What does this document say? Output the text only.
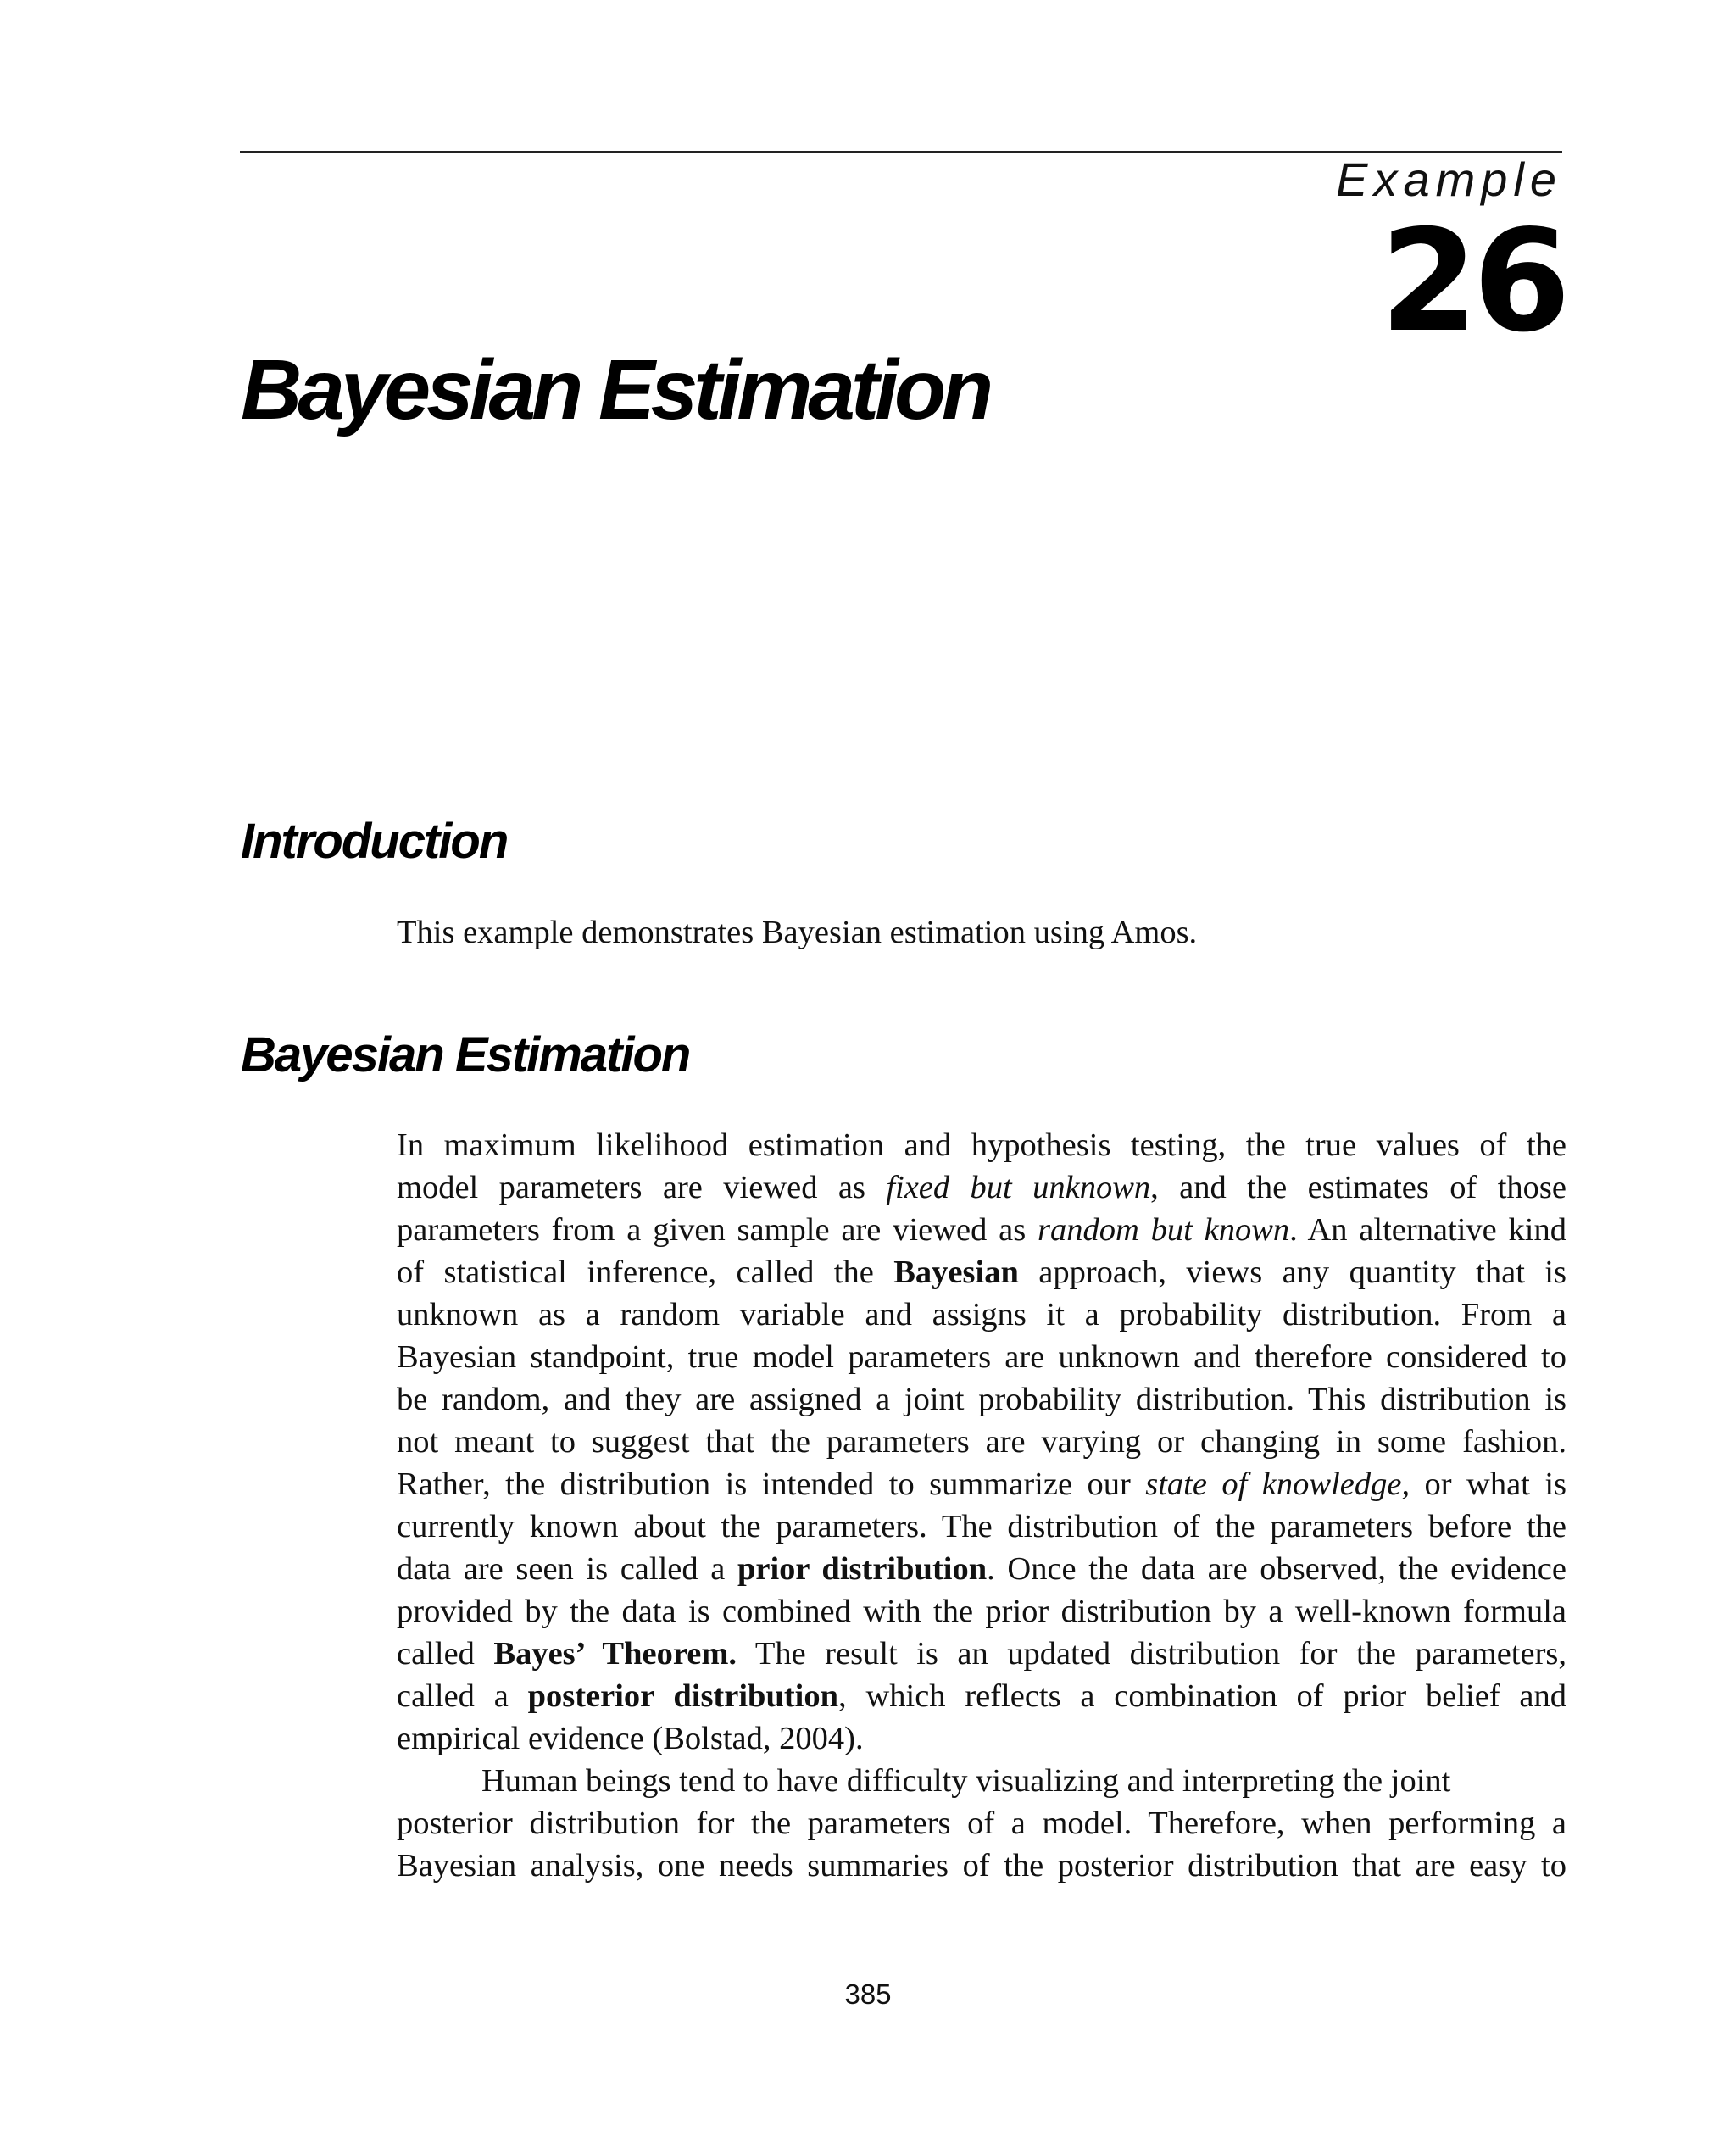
Example
26
Bayesian Estimation
Introduction

This example demonstrates Bayesian estimation using Amos.

Bayesian Estimation

In maximum likelihood estimation and hypothesis testing, the true values of the
model parameters are viewed as fixed but unknown, and the estimates of those
parameters from a given sample are viewed as random but known. An alternative kind
of statistical inference, called the Bayesian approach, views any quantity that is
unknown as a random variable and assigns it a probability distribution. From a
Bayesian standpoint, true model parameters are unknown and therefore considered to
be random, and they are assigned a joint probability distribution. This distribution is
not meant to suggest that the parameters are varying or changing in some fashion.
Rather, the distribution is intended to summarize our state of knowledge, or what is
currently known about the parameters. The distribution of the parameters before the
data are seen is called a prior distribution. Once the data are observed, the evidence
provided by the data is combined with the prior distribution by a well-known formula
called Bayes’ Theorem. The result is an updated distribution for the parameters,
called a posterior distribution, which reflects a combination of prior belief and
empirical evidence (Bolstad, 2004).

Human beings tend to have difficulty visualizing and interpreting the joint
posterior distribution for the parameters of a model. Therefore, when performing a
Bayesian analysis, one needs summaries of the posterior distribution that are easy to

385
